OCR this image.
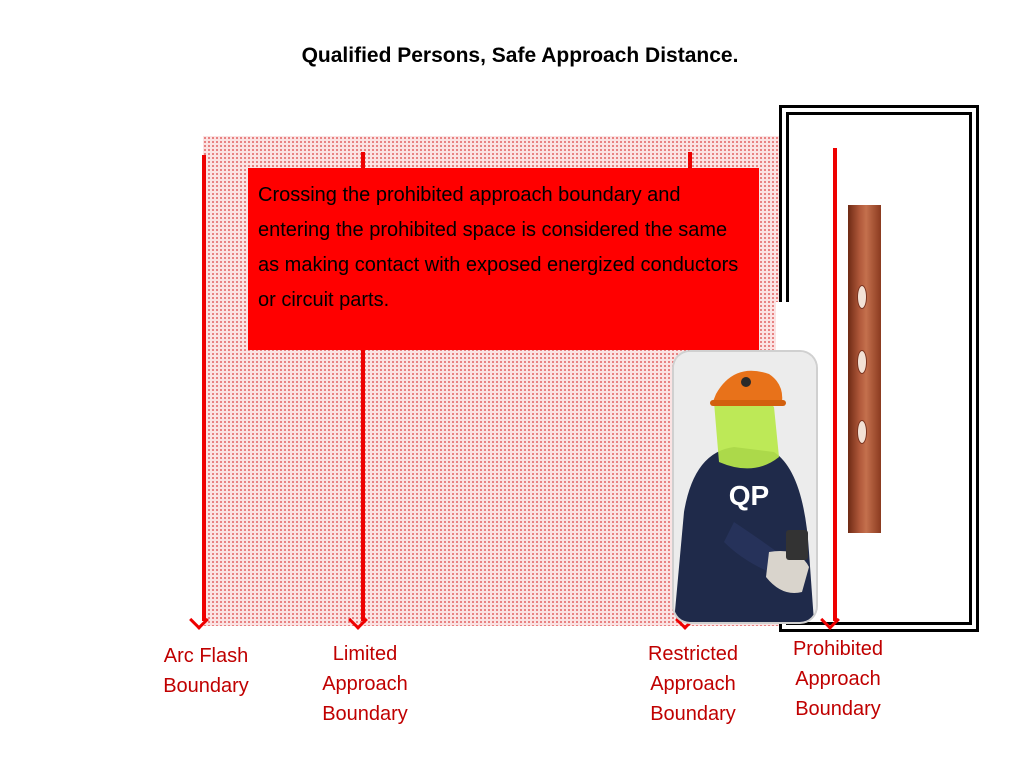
Qualified Persons, Safe Approach Distance.
Crossing the prohibited approach boundary and entering the prohibited space is considered the same as making contact with exposed energized conductors or circuit parts.
QP
Arc Flash
Boundary
Limited
Approach
Boundary
Restricted
Approach
Boundary
Prohibited
Approach
Boundary
